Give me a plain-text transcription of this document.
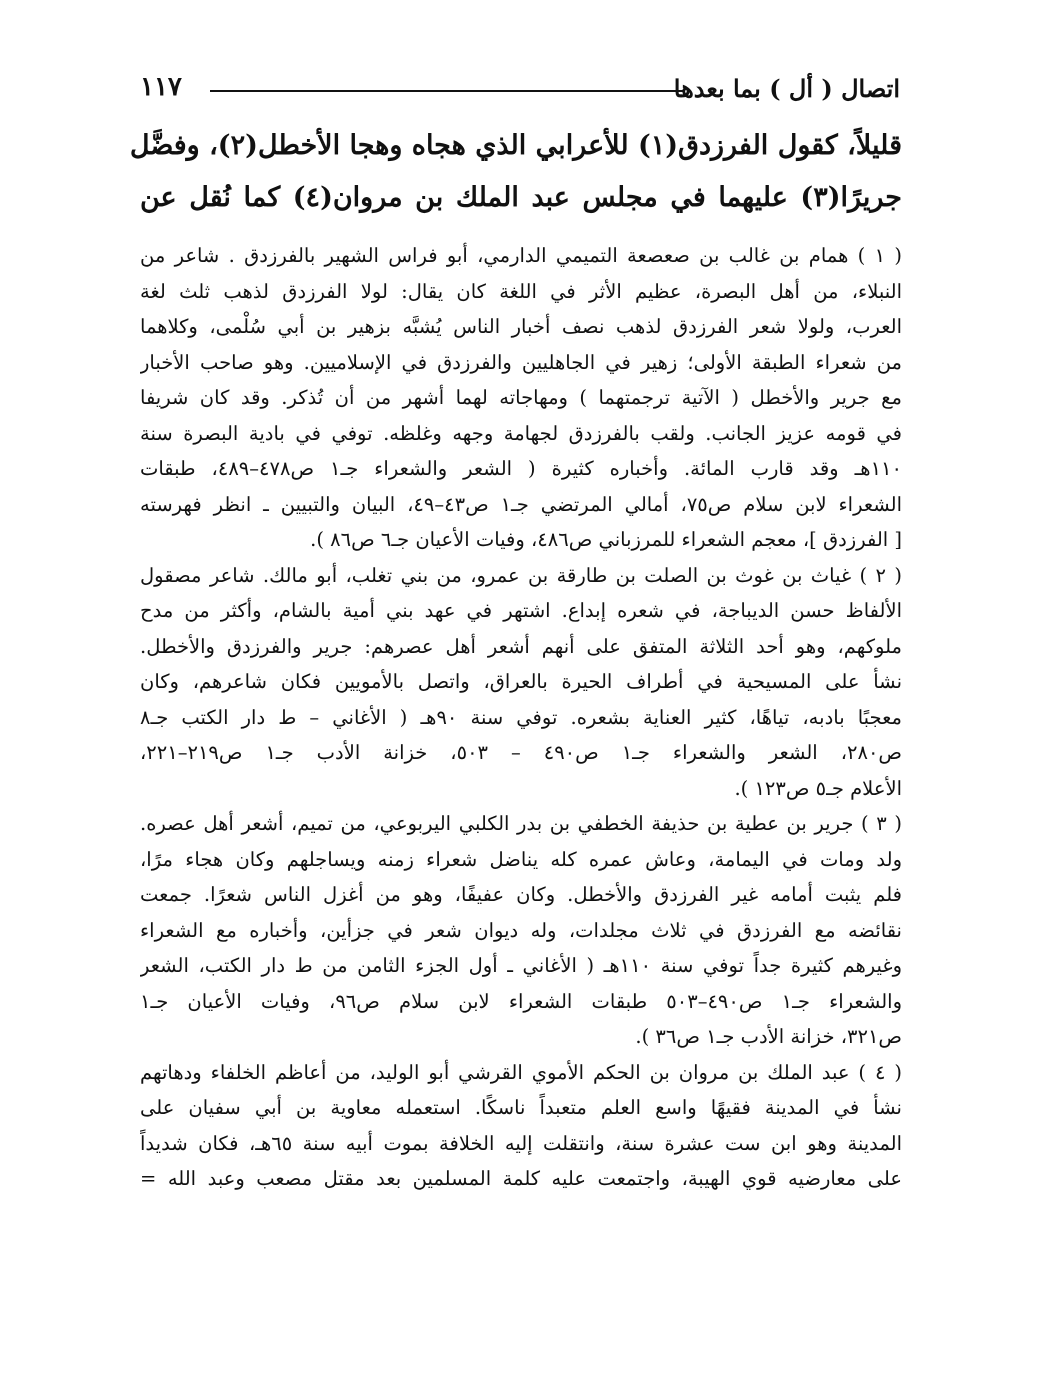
اتصال ( أل ) بما بعدها
١١٧
قليلاً، كقول الفرزدق(١) للأعرابي الذي هجاه وهجا الأخطل(٢)، وفضَّل
جريرًا(٣) عليهما في مجلس عبد الملك بن مروان(٤) كما نُقل عن
( ١ ) همام بن غالب بن صعصعة التميمي الدارمي، أبو فراس الشهير بالفرزدق . شاعر من
النبلاء، من أهل البصرة، عظيم الأثر في اللغة كان يقال: لولا الفرزدق لذهب ثلث لغة
العرب، ولولا شعر الفرزدق لذهب نصف أخبار الناس يُشبَّه بزهير بن أبي سُلْمى، وكلاهما
من شعراء الطبقة الأولى؛ زهير في الجاهليين والفرزدق في الإسلاميين. وهو صاحب الأخبار
مع جرير والأخطل ( الآتية ترجمتهما ) ومهاجاته لهما أشهر من أن تُذكر. وقد كان شريفا
في قومه عزيز الجانب. ولقب بالفرزدق لجهامة وجهه وغلظه. توفي في بادية البصرة سنة
١١٠هـ وقد قارب المائة. وأخباره كثيرة ( الشعر والشعراء جـ١ ص٤٧٨–٤٨٩، طبقات
الشعراء لابن سلام ص٧٥، أمالي المرتضي جـ١ ص٤٣–٤٩، البيان والتبيين ـ انظر فهرسته
[ الفرزدق ]، معجم الشعراء للمرزباني ص٤٨٦، وفيات الأعيان جـ٦ ص٨٦ ).
( ٢ ) غياث بن غوث بن الصلت بن طارقة بن عمرو، من بني تغلب، أبو مالك. شاعر مصقول
الألفاظ حسن الديباجة، في شعره إبداع. اشتهر في عهد بني أمية بالشام، وأكثر من مدح
ملوكهم، وهو أحد الثلاثة المتفق على أنهم أشعر أهل عصرهم: جرير والفرزدق والأخطل.
نشأ على المسيحية في أطراف الحيرة بالعراق، واتصل بالأمويين فكان شاعرهم، وكان
معجبًا بادبه، تياهًا، كثير العناية بشعره. توفي سنة ٩٠هـ ( الأغاني – ط دار الكتب جـ٨
ص٢٨٠، الشعر والشعراء جـ١ ص٤٩٠ – ٥٠٣، خزانة الأدب جـ١ ص٢١٩–٢٢١،
الأعلام جـ٥ ص١٢٣ ).
( ٣ ) جرير بن عطية بن حذيفة الخطفي بن بدر الكلبي اليربوعي، من تميم، أشعر أهل عصره.
ولد ومات في اليمامة، وعاش عمره كله يناضل شعراء زمنه ويساجلهم وكان هجاء مرًا،
فلم يثبت أمامه غير الفرزدق والأخطل. وكان عفيفًا، وهو من أغزل الناس شعرًا. جمعت
نقائضه مع الفرزدق في ثلاث مجلدات، وله ديوان شعر في جزأين، وأخباره مع الشعراء
وغيرهم كثيرة جداً توفي سنة ١١٠هـ ( الأغاني ـ أول الجزء الثامن من ط دار الكتب، الشعر
والشعراء جـ١ ص٤٩٠–٥٠٣ طبقات الشعراء لابن سلام ص٩٦، وفيات الأعيان جـ١
ص٣٢١، خزانة الأدب جـ١ ص٣٦ ).
( ٤ ) عبد الملك بن مروان بن الحكم الأموي القرشي أبو الوليد، من أعاظم الخلفاء ودهاتهم
نشأ في المدينة فقيهًا واسع العلم متعبداً ناسكًا. استعمله معاوية بن أبي سفيان على
المدينة وهو ابن ست عشرة سنة، وانتقلت إليه الخلافة بموت أبيه سنة ٦٥هـ، فكان شديداً
على معارضيه قوي الهيبة، واجتمعت عليه كلمة المسلمين بعد مقتل مصعب وعبد الله =
